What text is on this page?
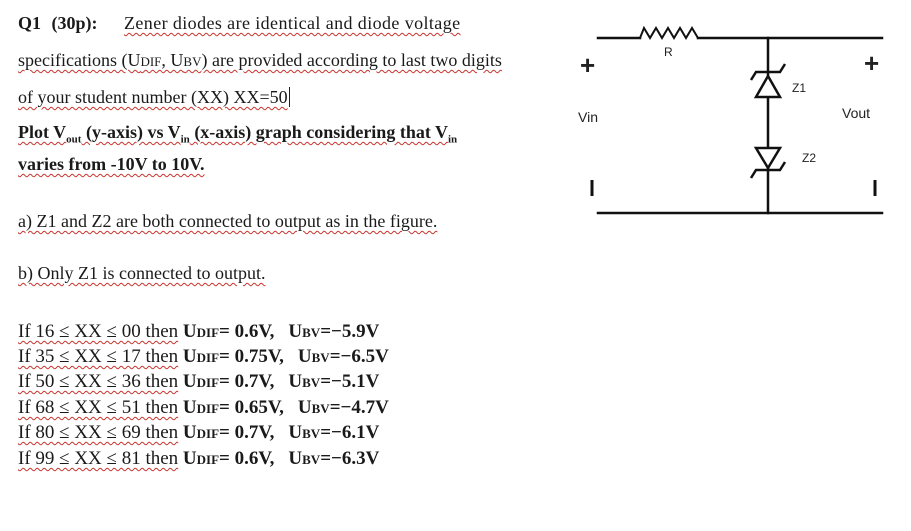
Q1 (30p): Zener diodes are identical and diode voltage
specifications (UDIF, UBV) are provided according to last two digits
of your student number (XX) XX=50
Plot $V_{out}$ (y-axis) vs $V_{in}$ (x-axis) graph considering that $V_{in}$
varies from -10V to 10V.
a) Z1 and Z2 are both connected to output as in the figure.
b) Only Z1 is connected to output.
If 16 ≤ XX ≤ 00 then UDIF= 0.6V, UBV=−5.9V
If 35 ≤ XX ≤ 17 then UDIF= 0.75V, UBV=−6.5V
If 50 ≤ XX ≤ 36 then UDIF= 0.7V, UBV=−5.1V
If 68 ≤ XX ≤ 51 then UDIF= 0.65V, UBV=−4.7V
If 80 ≤ XX ≤ 69 then UDIF= 0.7V, UBV=−6.1V
If 99 ≤ XX ≤ 81 then UDIF= 0.6V, UBV=−6.3V
R
Z1
Z2
Vin	Vout
+	+
